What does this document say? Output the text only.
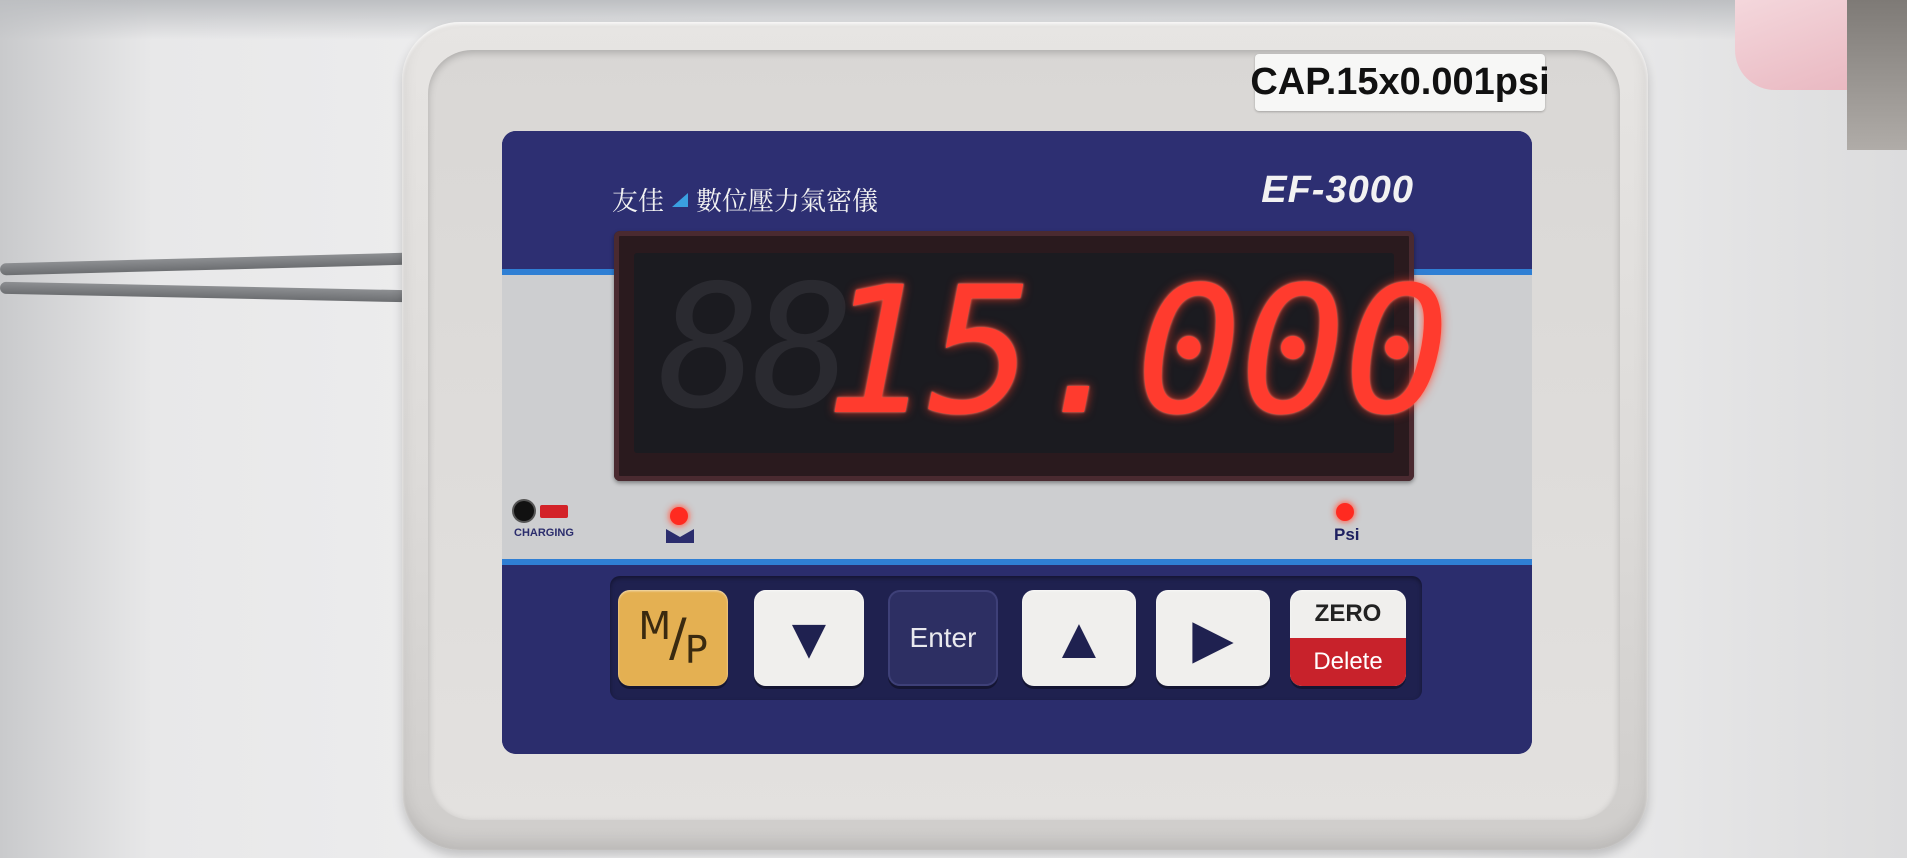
CAP.15x0.001psi
友佳 數位壓力氣密儀	EF-3000
8
8
15.000
CHARGING	Psi
M
/
P ▼	Enter ▲ ▶	ZERO
Delete
